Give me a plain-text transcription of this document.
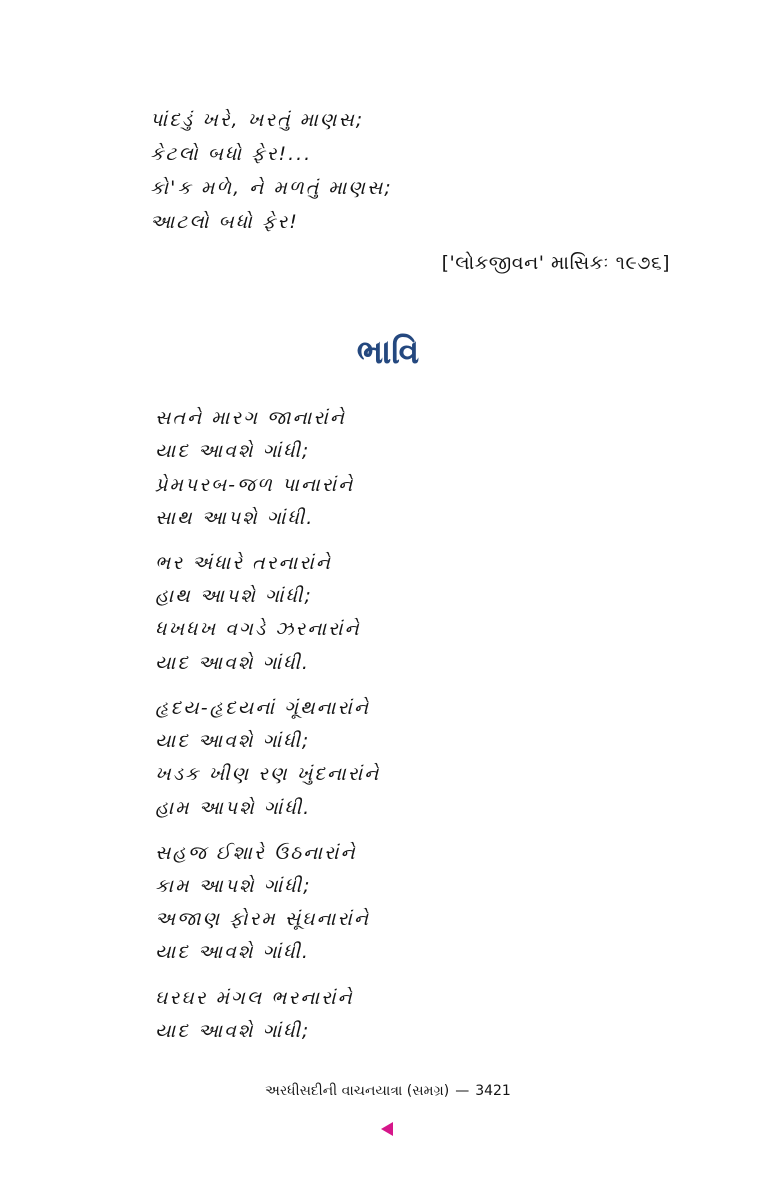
પાંદડું ખરે, ખરતું માણસ;
કેટલો બધો ફેર!...
કો'ક મળે, ને મળતું માણસ;
આટલો બધો ફેર!
['લોકજીવન' માસિકઃ ૧૯૭૬]
ભાવિ
સતને મારગ જાનારાંને
યાદ આવશે ગાંધી;
પ્રેમપરબ-જળ પાનારાંને
સાથ આપશે ગાંધી.
ભર અંધારે તરનારાંને
હાથ આપશે ગાંધી;
ધખધખ વગડે ઝરનારાંને
યાદ આવશે ગાંધી.
હૃદય-હૃદયનાં ગૂંથનારાંને
યાદ આવશે ગાંધી;
ખડક ખીણ રણ ખુંદનારાંને
હામ આપશે ગાંધી.
સહજ ઈશારે ઉઠનારાંને
કામ આપશે ગાંધી;
અજાણ ફોરમ સૂંઘનારાંને
યાદ આવશે ગાંધી.
ઘરઘર મંગલ ભરનારાંને
યાદ આવશે ગાંધી;
અરધીસદીની વાચનયાત્રા (સમગ્ર) — 3421
